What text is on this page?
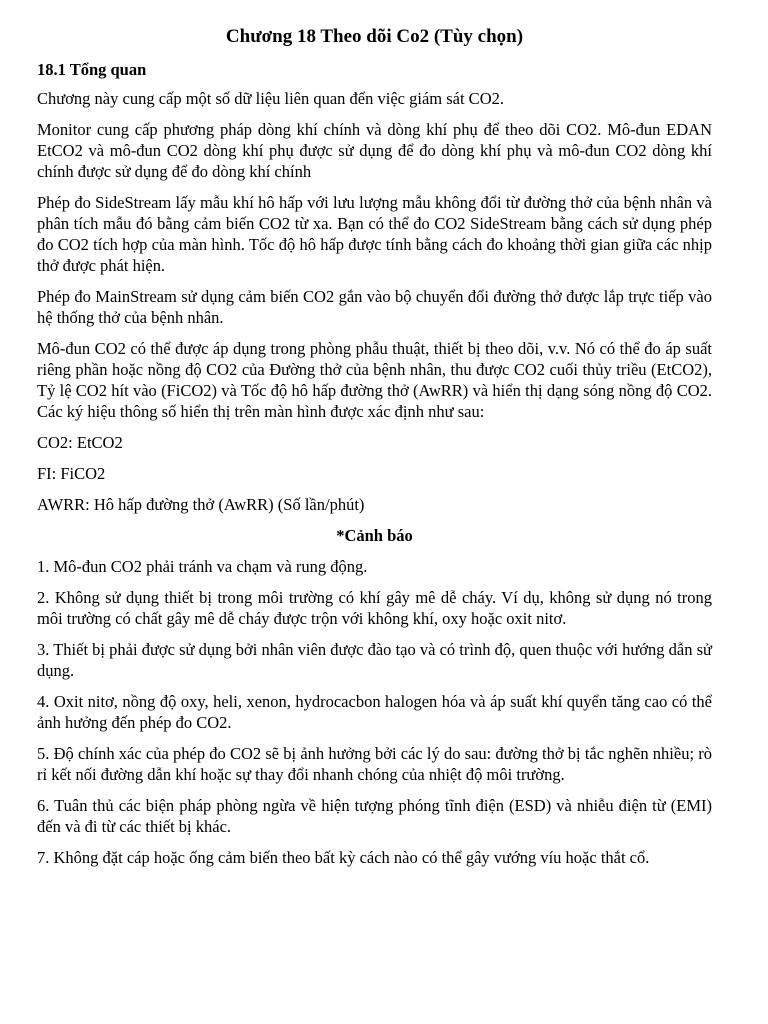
Chương 18 Theo dõi Co2 (Tùy chọn)
18.1 Tổng quan

Chương này cung cấp một số dữ liệu liên quan đến việc giám sát CO2.

Monitor cung cấp phương pháp dòng khí chính và dòng khí phụ để theo dõi CO2. Mô-đun EDAN EtCO2 và mô-đun CO2 dòng khí phụ được sử dụng để đo dòng khí phụ và mô-đun CO2 dòng khí chính được sử dụng để đo dòng khí chính

Phép đo SideStream lấy mẫu khí hô hấp với lưu lượng mẫu không đổi từ đường thở của bệnh nhân và phân tích mẫu đó bằng cảm biến CO2 từ xa. Bạn có thể đo CO2 SideStream bằng cách sử dụng phép đo CO2 tích hợp của màn hình. Tốc độ hô hấp được tính bằng cách đo khoảng thời gian giữa các nhịp thở được phát hiện.

Phép đo MainStream sử dụng cảm biến CO2 gắn vào bộ chuyển đổi đường thở được lắp trực tiếp vào hệ thống thở của bệnh nhân.

Mô-đun CO2 có thể được áp dụng trong phòng phẫu thuật, thiết bị theo dõi, v.v. Nó có thể đo áp suất riêng phần hoặc nồng độ CO2 của Đường thở của bệnh nhân, thu được CO2 cuối thủy triều (EtCO2), Tỷ lệ CO2 hít vào (FiCO2) và Tốc độ hô hấp đường thở (AwRR) và hiển thị dạng sóng nồng độ CO2. Các ký hiệu thông số hiển thị trên màn hình được xác định như sau:

CO2: EtCO2

FI: FiCO2

AWRR: Hô hấp đường thở (AwRR) (Số lần/phút)

*Cảnh báo

1. Mô-đun CO2 phải tránh va chạm và rung động.

2. Không sử dụng thiết bị trong môi trường có khí gây mê dễ cháy. Ví dụ, không sử dụng nó trong môi trường có chất gây mê dễ cháy được trộn với không khí, oxy hoặc oxit nitơ.

3. Thiết bị phải được sử dụng bởi nhân viên được đào tạo và có trình độ, quen thuộc với hướng dẫn sử dụng.

4. Oxit nitơ, nồng độ oxy, heli, xenon, hydrocacbon halogen hóa và áp suất khí quyển tăng cao có thể ảnh hưởng đến phép đo CO2.

5. Độ chính xác của phép đo CO2 sẽ bị ảnh hưởng bởi các lý do sau: đường thở bị tắc nghẽn nhiều; rò rỉ kết nối đường dẫn khí hoặc sự thay đổi nhanh chóng của nhiệt độ môi trường.

6. Tuân thủ các biện pháp phòng ngừa về hiện tượng phóng tĩnh điện (ESD) và nhiễu điện từ (EMI) đến và đi từ các thiết bị khác.

7. Không đặt cáp hoặc ống cảm biến theo bất kỳ cách nào có thể gây vướng víu hoặc thắt cổ.
